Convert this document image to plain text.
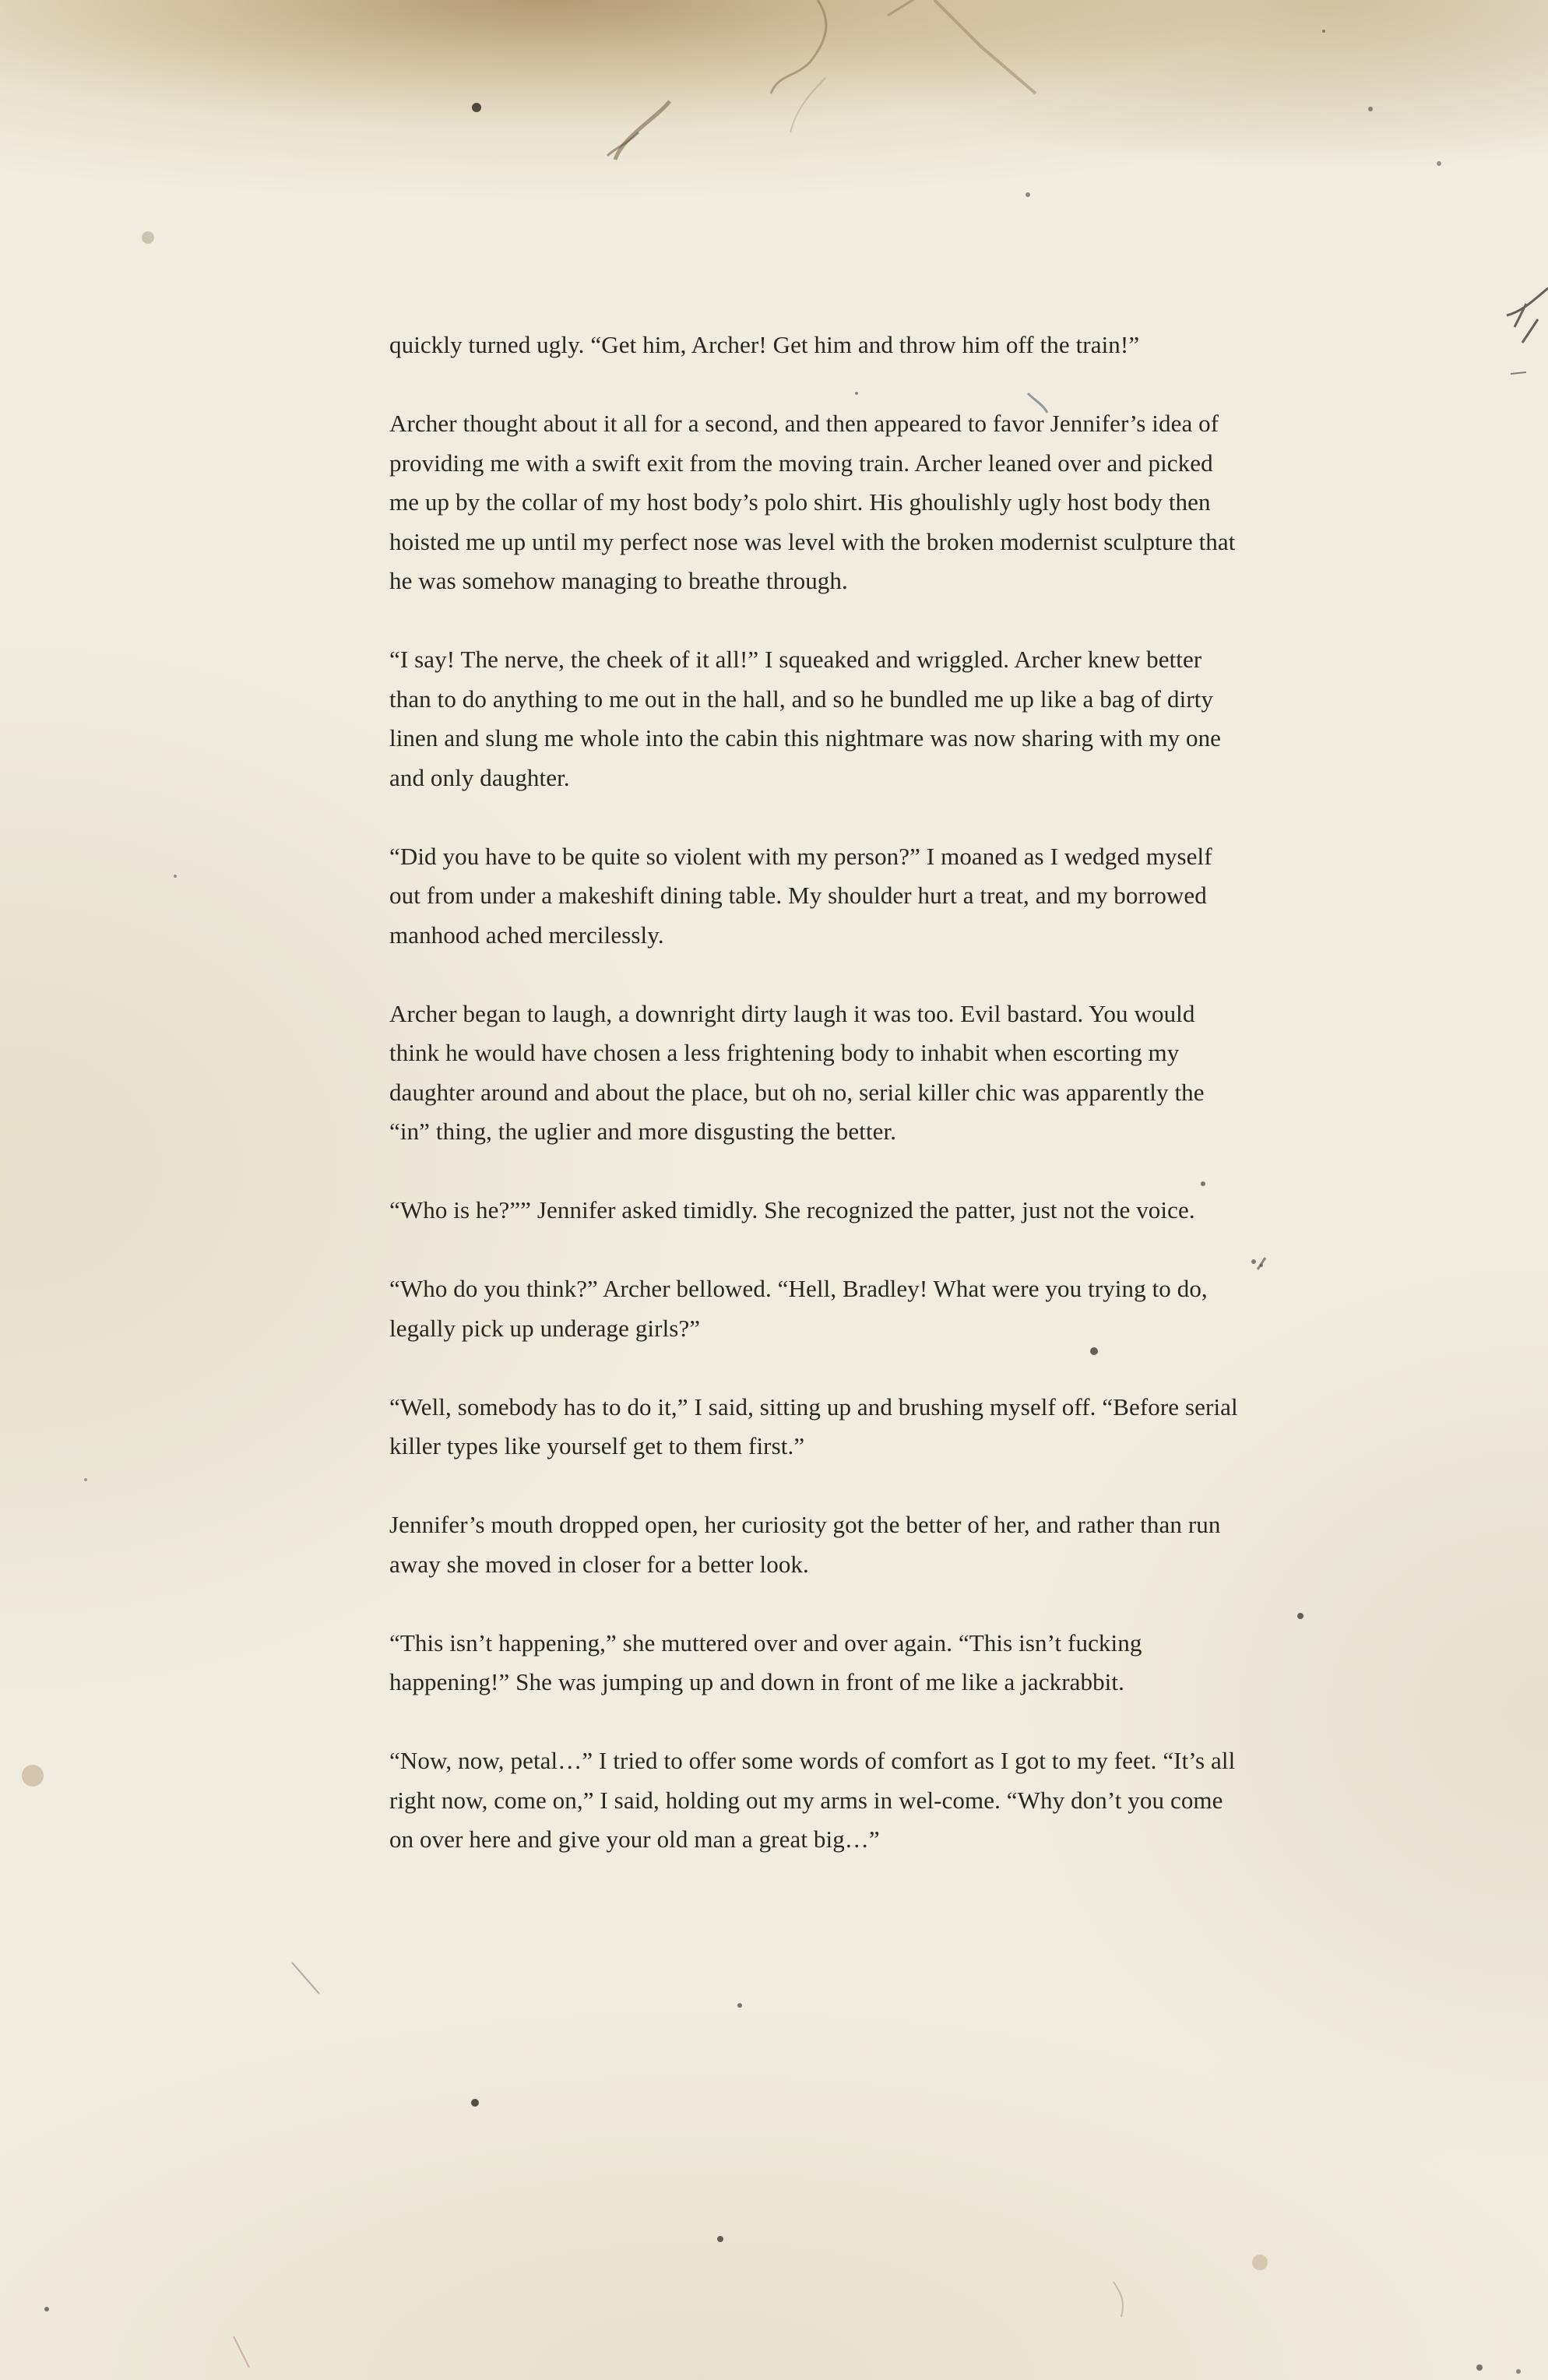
quickly turned ugly. “Get him, Archer! Get him and throw him off the train!”

Archer thought about it all for a second, and then appeared to favor Jennifer’s idea of providing me with a swift exit from the moving train. Archer leaned over and picked me up by the collar of my host body’s polo shirt. His ghoulishly ugly host body then hoisted me up until my perfect nose was level with the broken modernist sculpture that he was somehow managing to breathe through.

“I say! The nerve, the cheek of it all!” I squeaked and wriggled. Archer knew better than to do anything to me out in the hall, and so he bundled me up like a bag of dirty linen and slung me whole into the cabin this nightmare was now sharing with my one and only daughter.

“Did you have to be quite so violent with my person?” I moaned as I wedged myself out from under a makeshift dining table. My shoulder hurt a treat, and my borrowed manhood ached mercilessly.

Archer began to laugh, a downright dirty laugh it was too. Evil bastard. You would think he would have chosen a less frightening body to inhabit when escorting my daughter around and about the place, but oh no, serial killer chic was apparently the “in” thing, the uglier and more disgusting the better.

“Who is he?”” Jennifer asked timidly. She recognized the patter, just not the voice.

“Who do you think?” Archer bellowed. “Hell, Bradley! What were you trying to do, legally pick up underage girls?”

“Well, somebody has to do it,” I said, sitting up and brushing myself off. “Before serial killer types like yourself get to them first.”

Jennifer’s mouth dropped open, her curiosity got the better of her, and rather than run away she moved in closer for a better look.

“This isn’t happening,” she muttered over and over again. “This isn’t fucking happening!” She was jumping up and down in front of me like a jackrabbit.

“Now, now, petal…” I tried to offer some words of comfort as I got to my feet. “It’s all right now, come on,” I said, holding out my arms in wel-come. “Why don’t you come on over here and give your old man a great big…”
